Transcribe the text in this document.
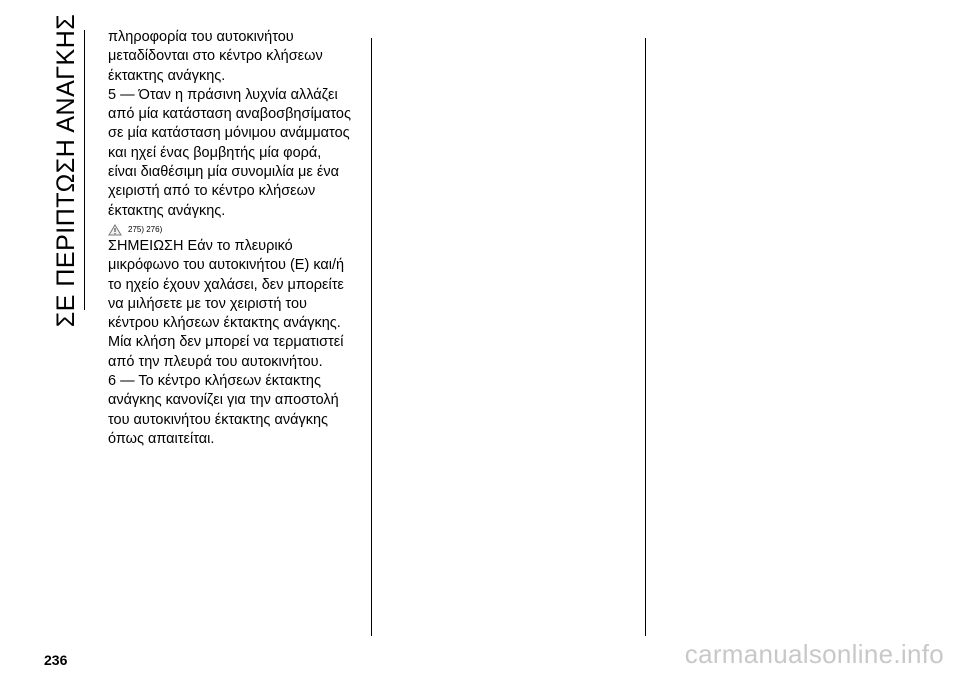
ΣΕ ΠΕΡΙΠΤΩΣΗ ΑΝΑΓΚΗΣ πληροφορία του αυτοκινήτου

μεταδίδονται στο κέντρο κλήσεων

έκτακτης ανάγκης.

5 — Όταν η πράσινη λυχνία αλλάζει

από μία κατάσταση αναβοσβησίματος

σε μία κατάσταση μόνιμου ανάμματος

και ηχεί ένας βομβητής μία φορά,

είναι διαθέσιμη μία συνομιλία με ένα

χειριστή από το κέντρο κλήσεων

έκτακτης ανάγκης.

275) 276)

ΣΗΜΕΙΩΣΗ Εάν το πλευρικό

μικρόφωνο του αυτοκινήτου (Ε) και/ή

το ηχείο έχουν χαλάσει, δεν μπορείτε

να μιλήσετε με τον χειριστή του

κέντρου κλήσεων έκτακτης ανάγκης.

Μία κλήση δεν μπορεί να τερματιστεί

από την πλευρά του αυτοκινήτου.

6 — Το κέντρο κλήσεων έκτακτης

ανάγκης κανονίζει για την αποστολή

του αυτοκινήτου έκτακτης ανάγκης

όπως απαιτείται.

236	carmanualsonline.info
